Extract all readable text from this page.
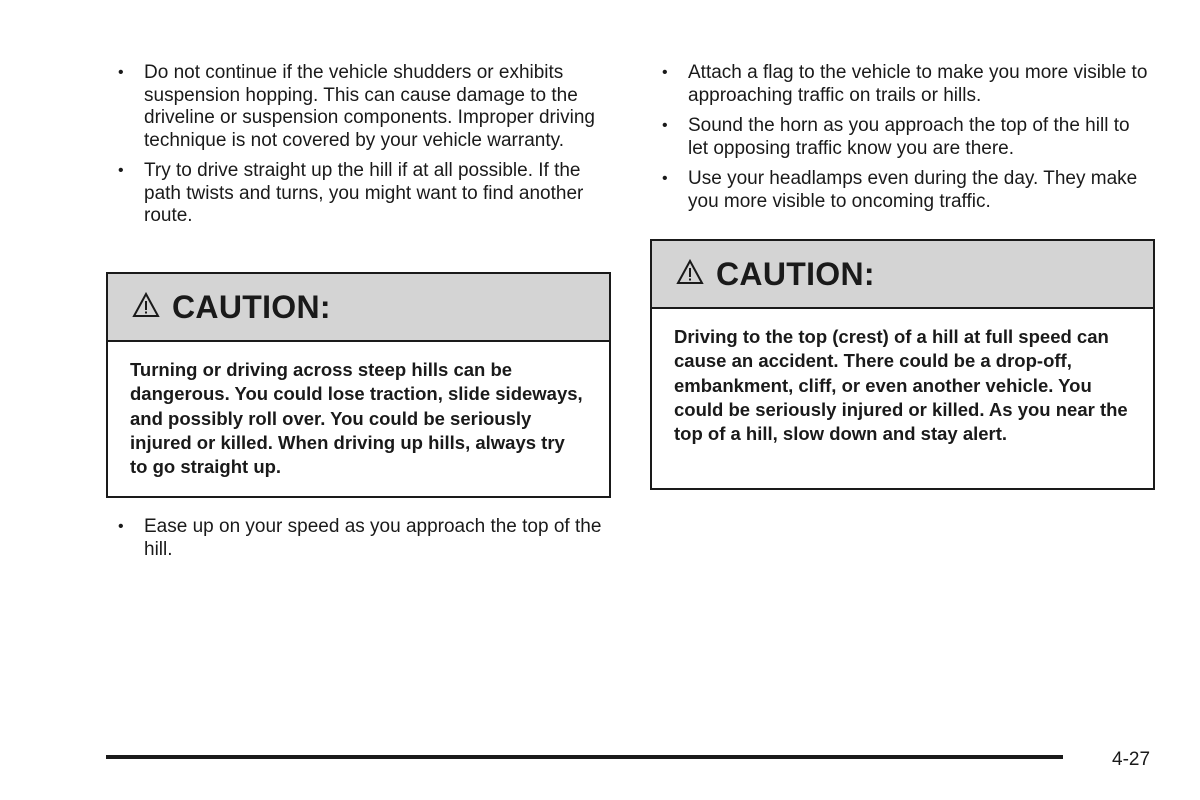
• Do not continue if the vehicle shudders or exhibits suspension hopping. This can cause damage to the driveline or suspension components. Improper driving technique is not covered by your vehicle warranty.
• Try to drive straight up the hill if at all possible. If the path twists and turns, you might want to find another route.
CAUTION:
Turning or driving across steep hills can be dangerous. You could lose traction, slide sideways, and possibly roll over. You could be seriously injured or killed. When driving up hills, always try to go straight up.
• Ease up on your speed as you approach the top of the hill.
• Attach a flag to the vehicle to make you more visible to approaching traffic on trails or hills.
• Sound the horn as you approach the top of the hill to let opposing traffic know you are there.
• Use your headlamps even during the day. They make you more visible to oncoming traffic.
CAUTION:
Driving to the top (crest) of a hill at full speed can cause an accident. There could be a drop-off, embankment, cliff, or even another vehicle. You could be seriously injured or killed. As you near the top of a hill, slow down and stay alert.
4-27
